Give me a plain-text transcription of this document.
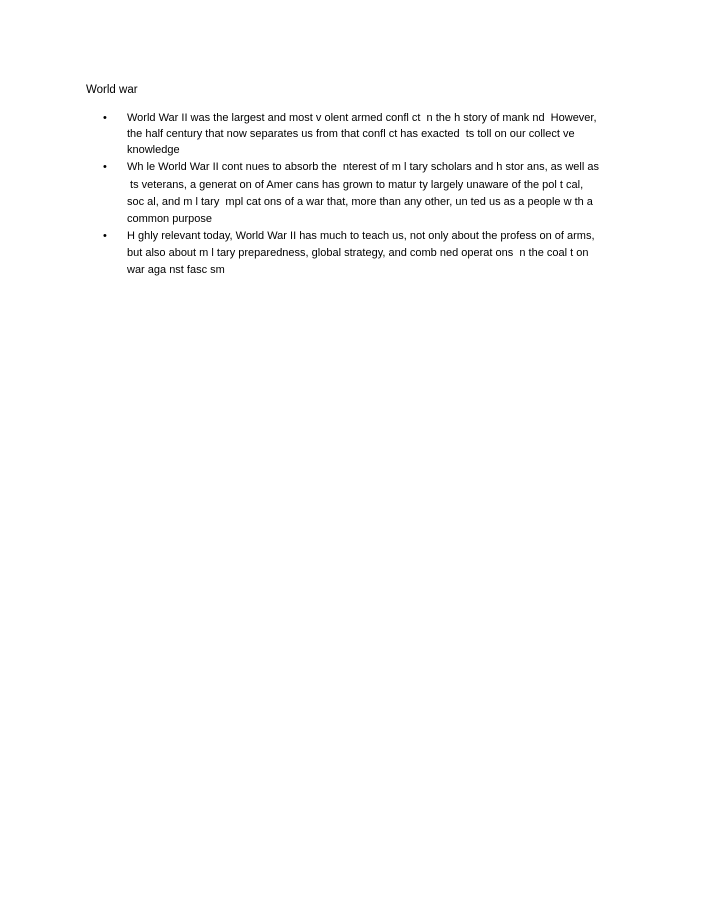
World war
•	World War II was the largest and most v olent armed confl ct  n the h story of mank nd  However,
the half century that now separates us from that confl ct has exacted  ts toll on our collect ve
knowledge
•	Wh le World War II cont nues to absorb the  nterest of m l tary scholars and h stor ans, as well as
ts veterans, a generat on of Amer cans has grown to matur ty largely unaware of the pol t cal,
soc al, and m l tary  mpl cat ons of a war that, more than any other, un ted us as a people w th a
common purpose
•	H ghly relevant today, World War II has much to teach us, not only about the profess on of arms,
but also about m l tary preparedness, global strategy, and comb ned operat ons  n the coal t on
war aga nst fasc sm
